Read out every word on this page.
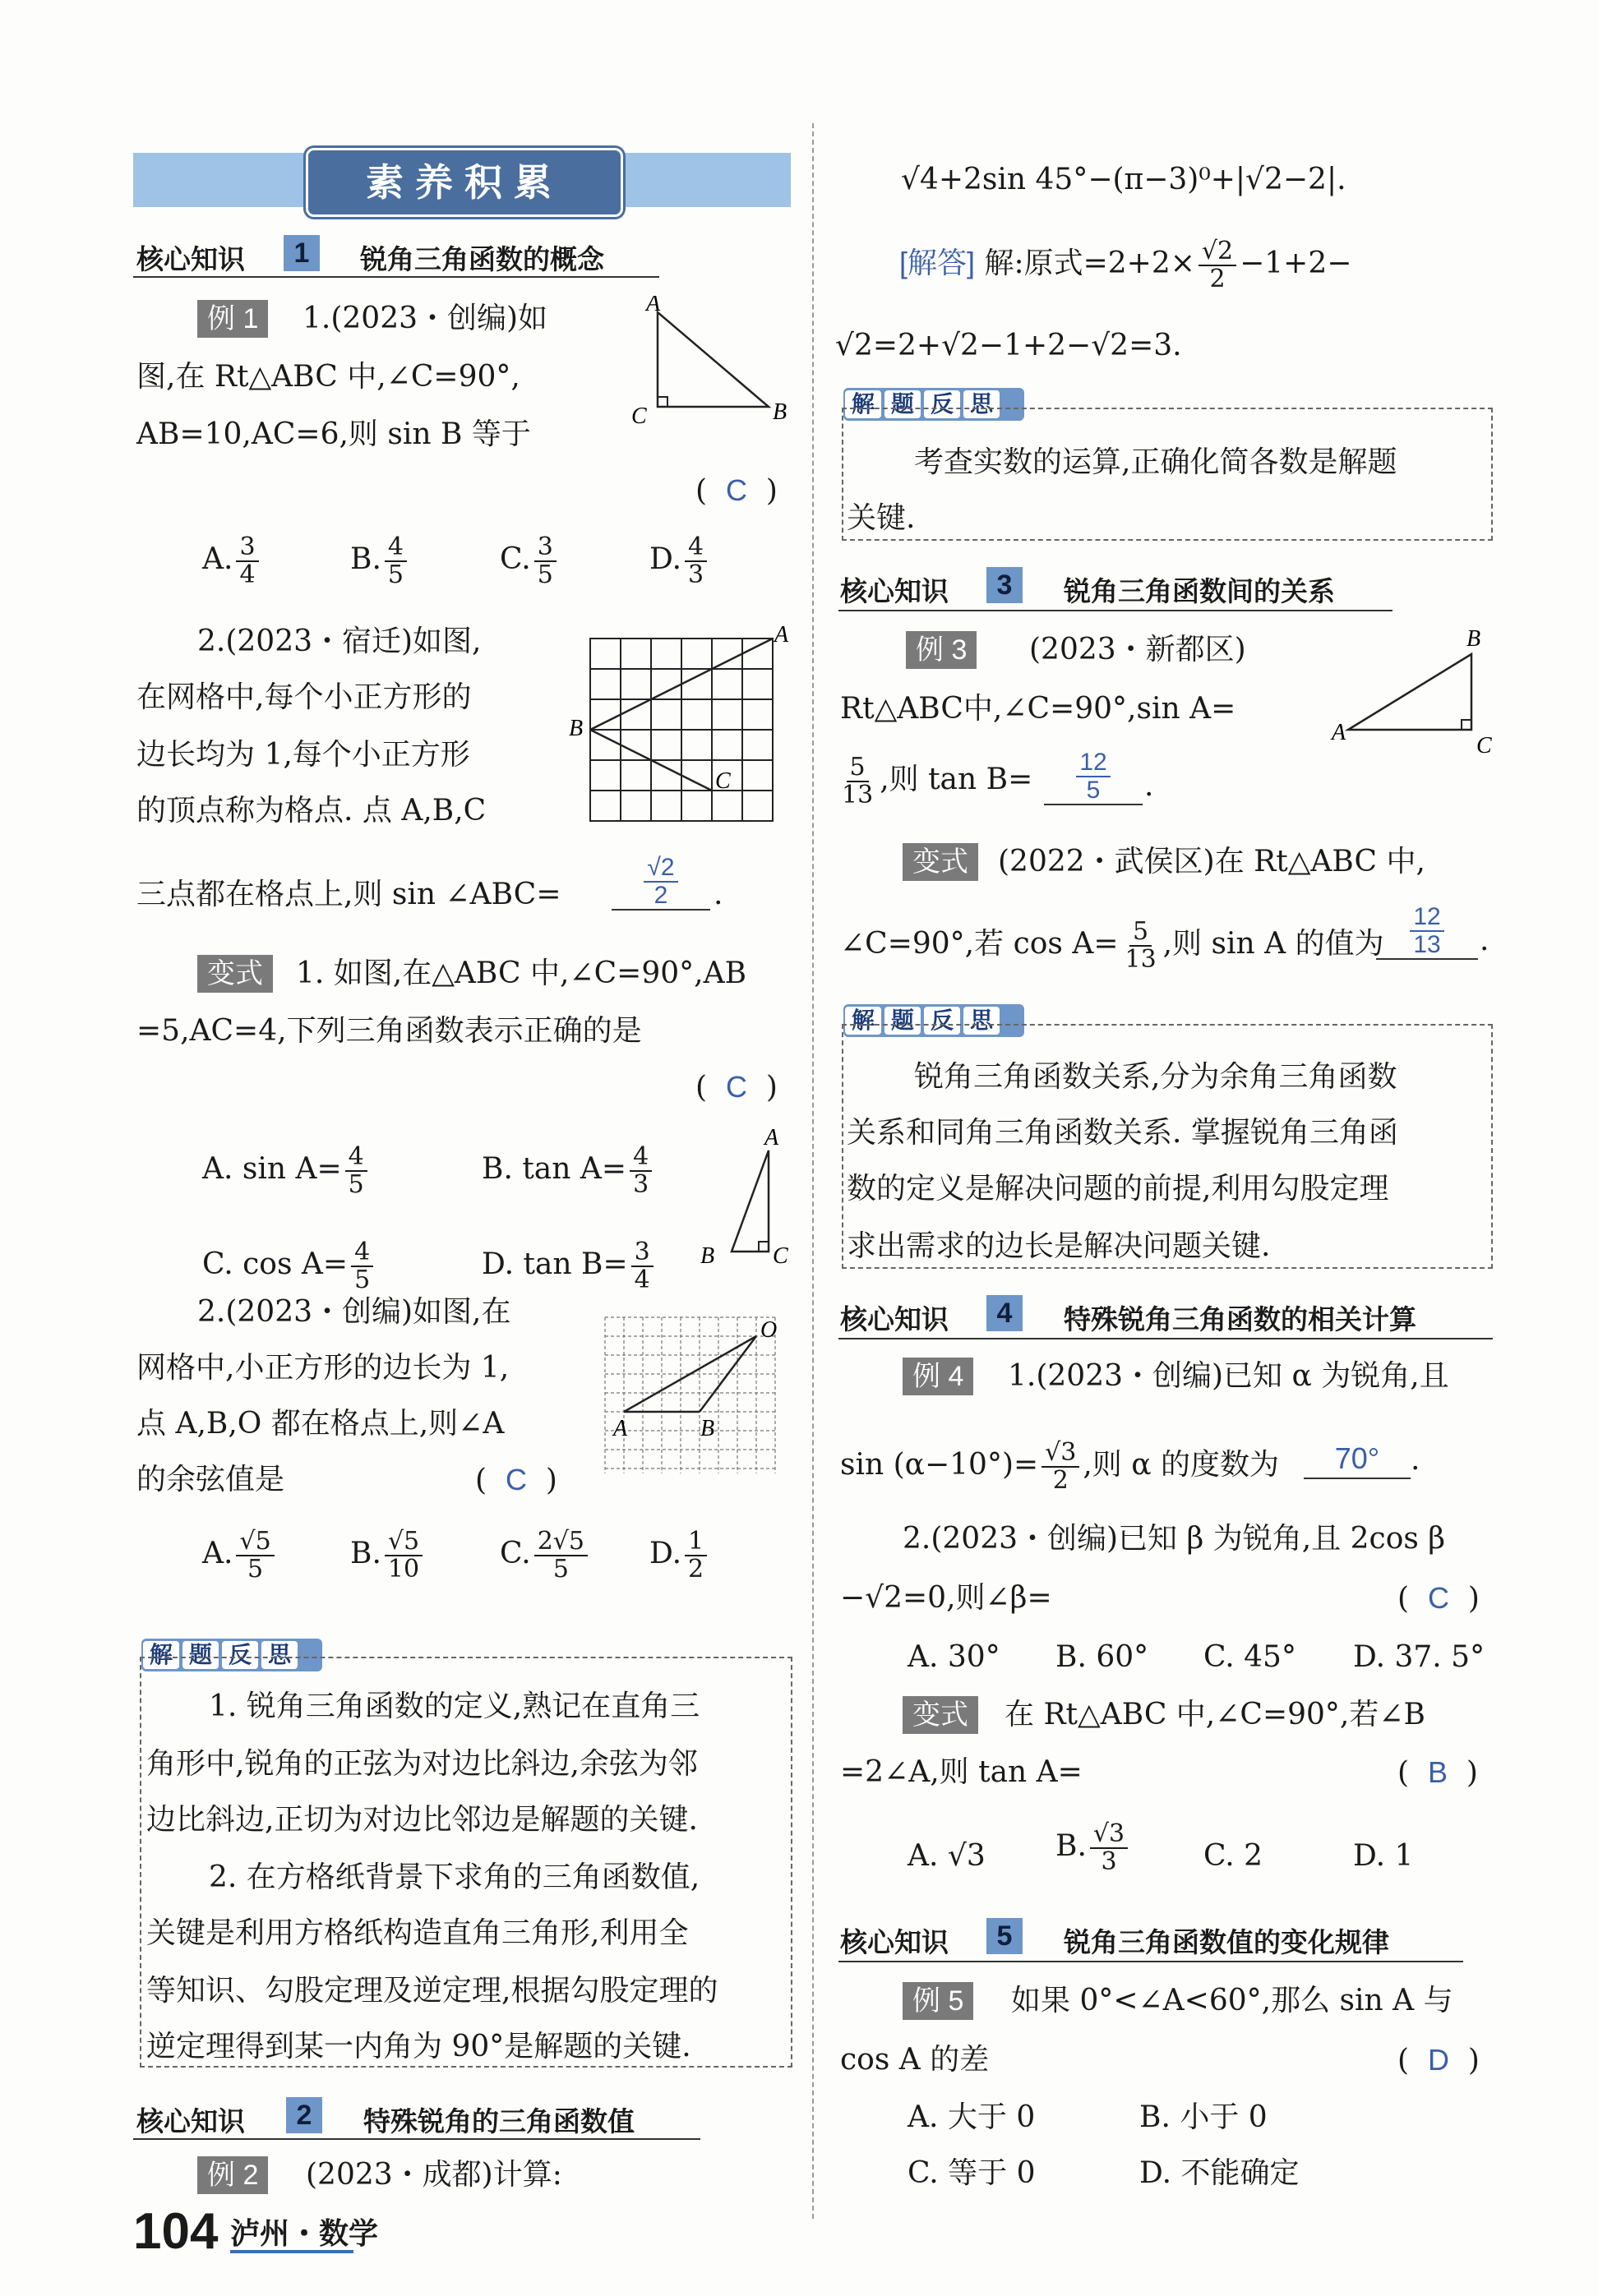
素养积累
核心知识	1	锐角三角函数的概念
例 1	1.(2023・创编)如
图,在 Rt△ABC 中,∠C=90°,
AB=10,AC=6,则 sin B 等于
A
C	B
( C )
A. $\frac{3}{4}$	B. $\frac{4}{5}$	C. $\frac{3}{5}$	D. $\frac{4}{3}$
2.(2023・宿迁)如图,
在网格中,每个小正方形的
边长均为 1,每个小正方形
的顶点称为格点. 点 A,B,C
A
B
C
三点都在格点上,则 sin ∠ABC=	$\frac{√2}{2}$ .
变式	1. 如图,在△ABC 中,∠C=90°,AB
=5,AC=4,下列三角函数表示正确的是
( C )
A. $\sin A= \frac{4}{5}$	B. $\tan A= \frac{4}{3}$
C. $\cos A= \frac{4}{5}$	D. $\tan B= \frac{3}{4}$
A
B	C
2.(2023・创编)如图,在
网格中,小正方形的边长为 1,
点 A,B,O 都在格点上,则∠A
的余弦值是	( C )
O
A	B
A. $\frac{√5}{5}$	B. $\frac{√5}{10}$	C. $\frac{2√5}{5} D$. $\frac{1}{2}$
解 题 反 思
1. 锐角三角函数的定义,熟记在直角三
角形中,锐角的正弦为对边比斜边,余弦为邻
边比斜边,正切为对边比邻边是解题的关键.
2. 在方格纸背景下求角的三角函数值,
关键是利用方格纸构造直角三角形,利用全
等知识、勾股定理及逆定理,根据勾股定理的
逆定理得到某一内角为 90°是解题的关键.
核心知识	2	特殊锐角的三角函数值
例 2	(2023・成都)计算:
104 泸州・数学
√4+2sin 45°−(π−3)⁰+|√2−2|.
[解答] 解:原式$=2+2\times \frac{√2}{2} -1+2-$
√2=2+√2−1+2−√2=3.
解 题 反 思
考查实数的运算,正确化简各数是解题
关键.
核心知识	3	锐角三角函数间的关系
例 3	(2023・新都区)	B
A
C
Rt△ABC中,∠C=90°,sin A=
$\frac{5}{13}$ ,则 $\tan B= \frac{12}{5}$ .
变式	(2022・武侯区)在 Rt△ABC 中,
∠C=90°,若 $\cos A= \frac{5}{13}$ ,则 sin A 的值为 $\frac{12}{13}$ .
解 题 反 思
锐角三角函数关系,分为余角三角函数
关系和同角三角函数关系. 掌握锐角三角函
数的定义是解决问题的前提,利用勾股定理
求出需求的边长是解决问题关键.
核心知识	4	特殊锐角三角函数的相关计算
例 4	1.(2023・创编)已知 α 为锐角,且
$\sin (\alpha-10^\circ)= \frac{√3}{2}$ ,则 α 的度数为	70° .
2.(2023・创编)已知 β 为锐角,且 2cos β
−√2=0,则∠β=	( C )
A. 30° B. 60° C. 45° D. 37. 5°
变式	在 Rt△ABC 中,∠C=90°,若∠B
=2∠A,则 tan A=	( B )
A. √3 B. $\frac{√3}{3}$	C. 2	D. 1
核心知识	5	锐角三角函数值的变化规律
例 5	如果 0°<∠A<60°,那么 sin A 与
cos A 的差	( D )
A. 大于 0	B. 小于 0
C. 等于 0	D. 不能确定
